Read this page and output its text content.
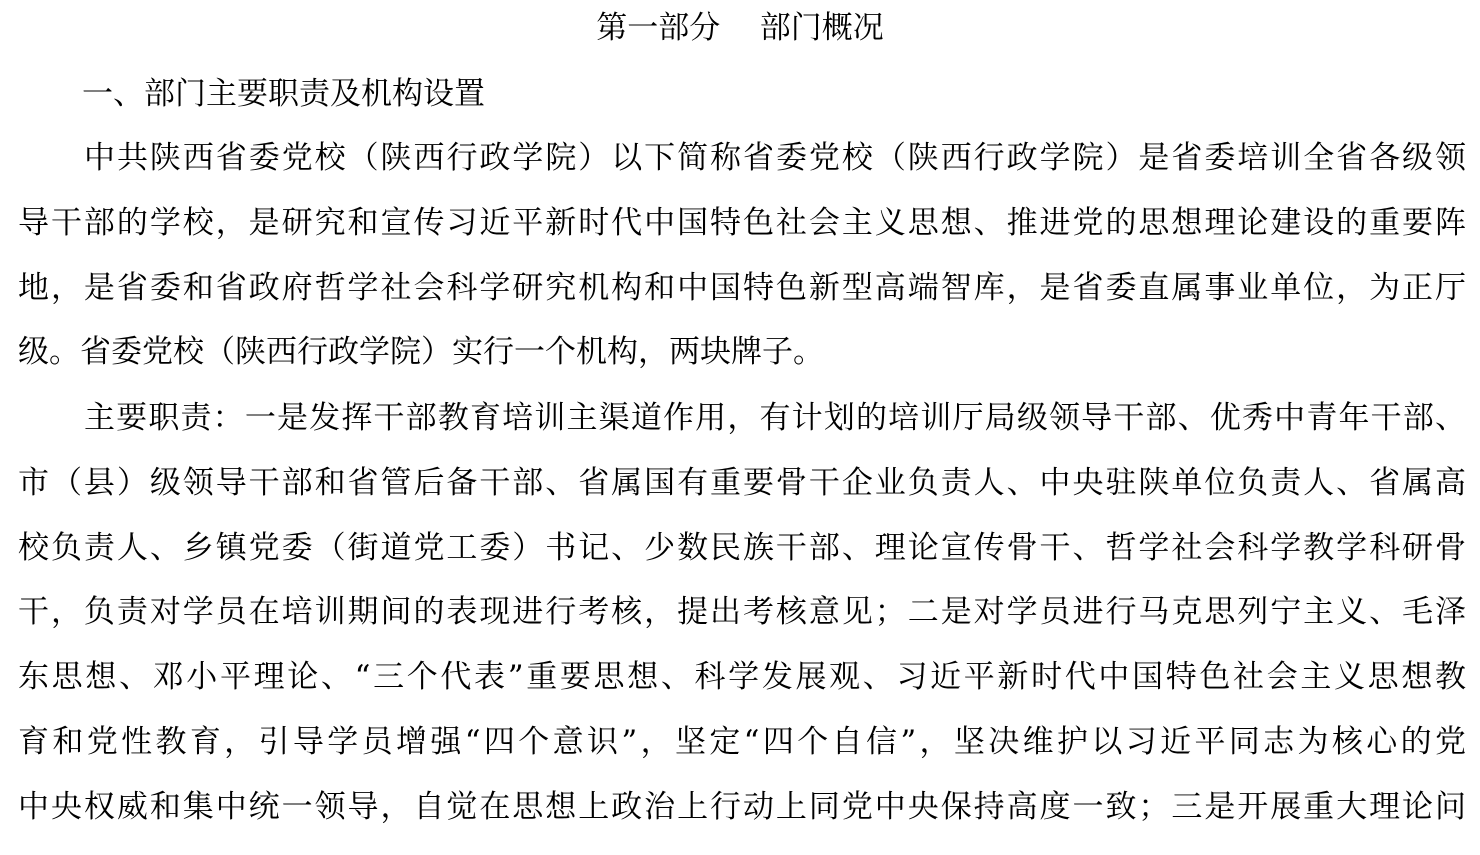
第一部分    部门概况
一、部门主要职责及机构设置
中共陕西省委党校（陕西行政学院）以下简称省委党校（陕西行政学院）是省委培训全省各级领
导干部的学校，是研究和宣传习近平新时代中国特色社会主义思想、推进党的思想理论建设的重要阵
地，是省委和省政府哲学社会科学研究机构和中国特色新型高端智库，是省委直属事业单位，为正厅
级。省委党校（陕西行政学院）实行一个机构，两块牌子。
主要职责：一是发挥干部教育培训主渠道作用，有计划的培训厅局级领导干部、优秀中青年干部、
市（县）级领导干部和省管后备干部、省属国有重要骨干企业负责人、中央驻陕单位负责人、省属高
校负责人、乡镇党委（街道党工委）书记、少数民族干部、理论宣传骨干、哲学社会科学教学科研骨
干，负责对学员在培训期间的表现进行考核，提出考核意见；二是对学员进行马克思列宁主义、毛泽
东思想、邓小平理论、“三个代表”重要思想、科学发展观、习近平新时代中国特色社会主义思想教
育和党性教育，引导学员增强“四个意识”，坚定“四个自信”，坚决维护以习近平同志为核心的党
中央权威和集中统一领导，自觉在思想上政治上行动上同党中央保持高度一致；三是开展重大理论问
